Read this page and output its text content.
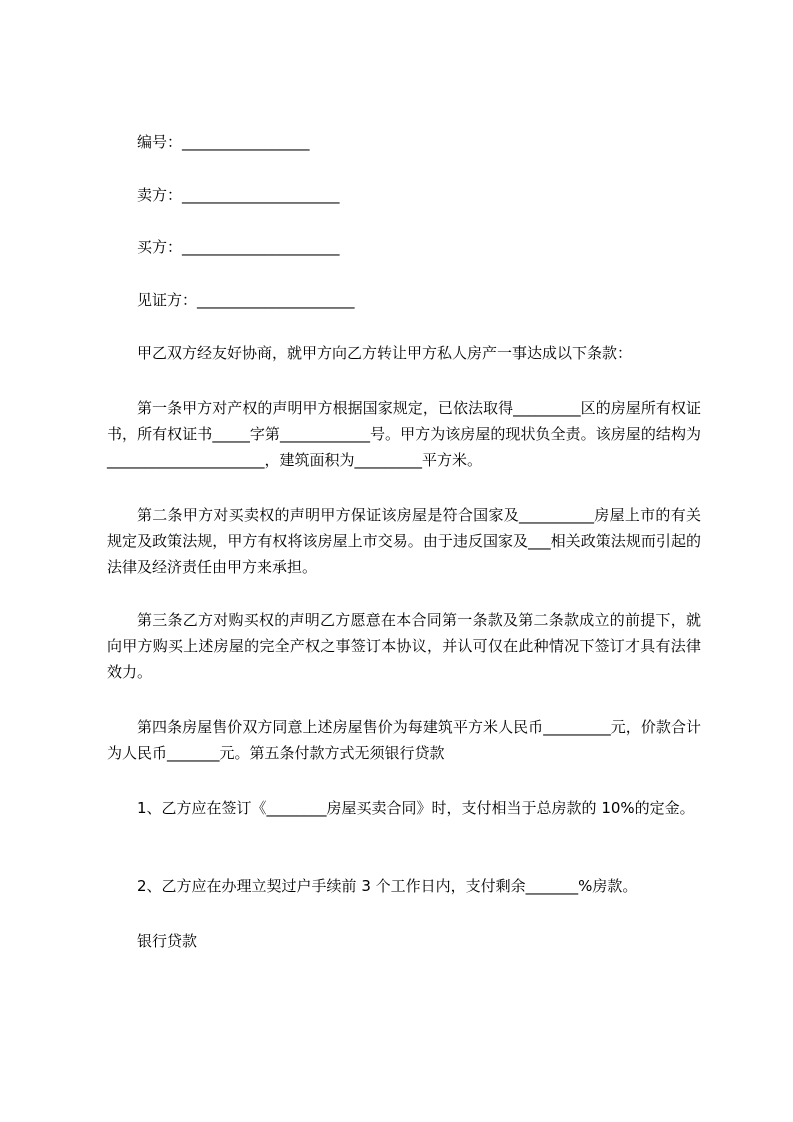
编号：_________________
卖方：_____________________
买方：_____________________
见证方：_____________________
甲乙双方经友好协商，就甲方向乙方转让甲方私人房产一事达成以下条款：
第一条甲方对产权的声明甲方根据国家规定，已依法取得_________区的房屋所有权证书，所有权证书_____字第____________号。甲方为该房屋的现状负全责。该房屋的结构为_____________________，建筑面积为_________平方米。
第二条甲方对买卖权的声明甲方保证该房屋是符合国家及__________房屋上市的有关规定及政策法规，甲方有权将该房屋上市交易。由于违反国家及___相关政策法规而引起的法律及经济责任由甲方来承担。
第三条乙方对购买权的声明乙方愿意在本合同第一条款及第二条款成立的前提下，就向甲方购买上述房屋的完全产权之事签订本协议，并认可仅在此种情况下签订才具有法律效力。
第四条房屋售价双方同意上述房屋售价为每建筑平方米人民币_________元，价款合计为人民币_______元。第五条付款方式无须银行贷款
1、乙方应在签订《________房屋买卖合同》时，支付相当于总房款的 10%的定金。
2、乙方应在办理立契过户手续前 3 个工作日内，支付剩余_______%房款。
银行贷款
